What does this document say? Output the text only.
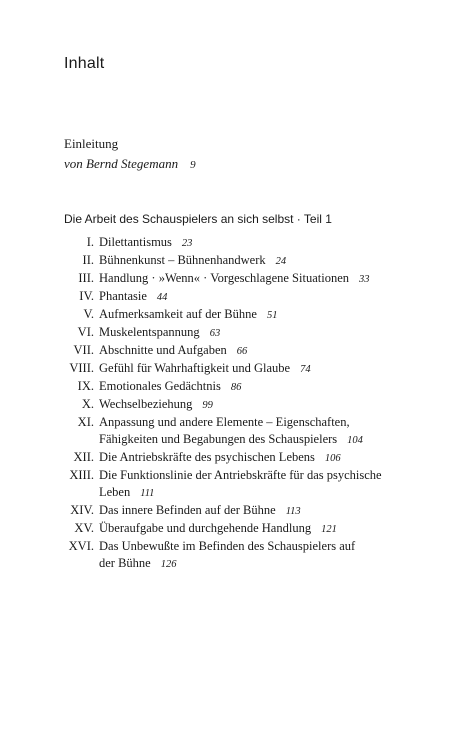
Inhalt
Einleitung
von Bernd Stegemann 9
Die Arbeit des Schauspielers an sich selbst · Teil 1
I. Dilettantismus 23
II. Bühnenkunst – Bühnenhandwerk 24
III. Handlung · »Wenn« · Vorgeschlagene Situationen 33
IV. Phantasie 44
V. Aufmerksamkeit auf der Bühne 51
VI. Muskelentspannung 63
VII. Abschnitte und Aufgaben 66
VIII. Gefühl für Wahrhaftigkeit und Glaube 74
IX. Emotionales Gedächtnis 86
X. Wechselbeziehung 99
XI. Anpassung und andere Elemente – Eigenschaften,
Fähigkeiten und Begabungen des Schauspielers 104
XII. Die Antriebskräfte des psychischen Lebens 106
XIII. Die Funktionslinie der Antriebskräfte für das psychische
Leben 111
XIV. Das innere Befinden auf der Bühne 113
XV. Überaufgabe und durchgehende Handlung 121
XVI. Das Unbewußte im Befinden des Schauspielers auf
der Bühne 126
